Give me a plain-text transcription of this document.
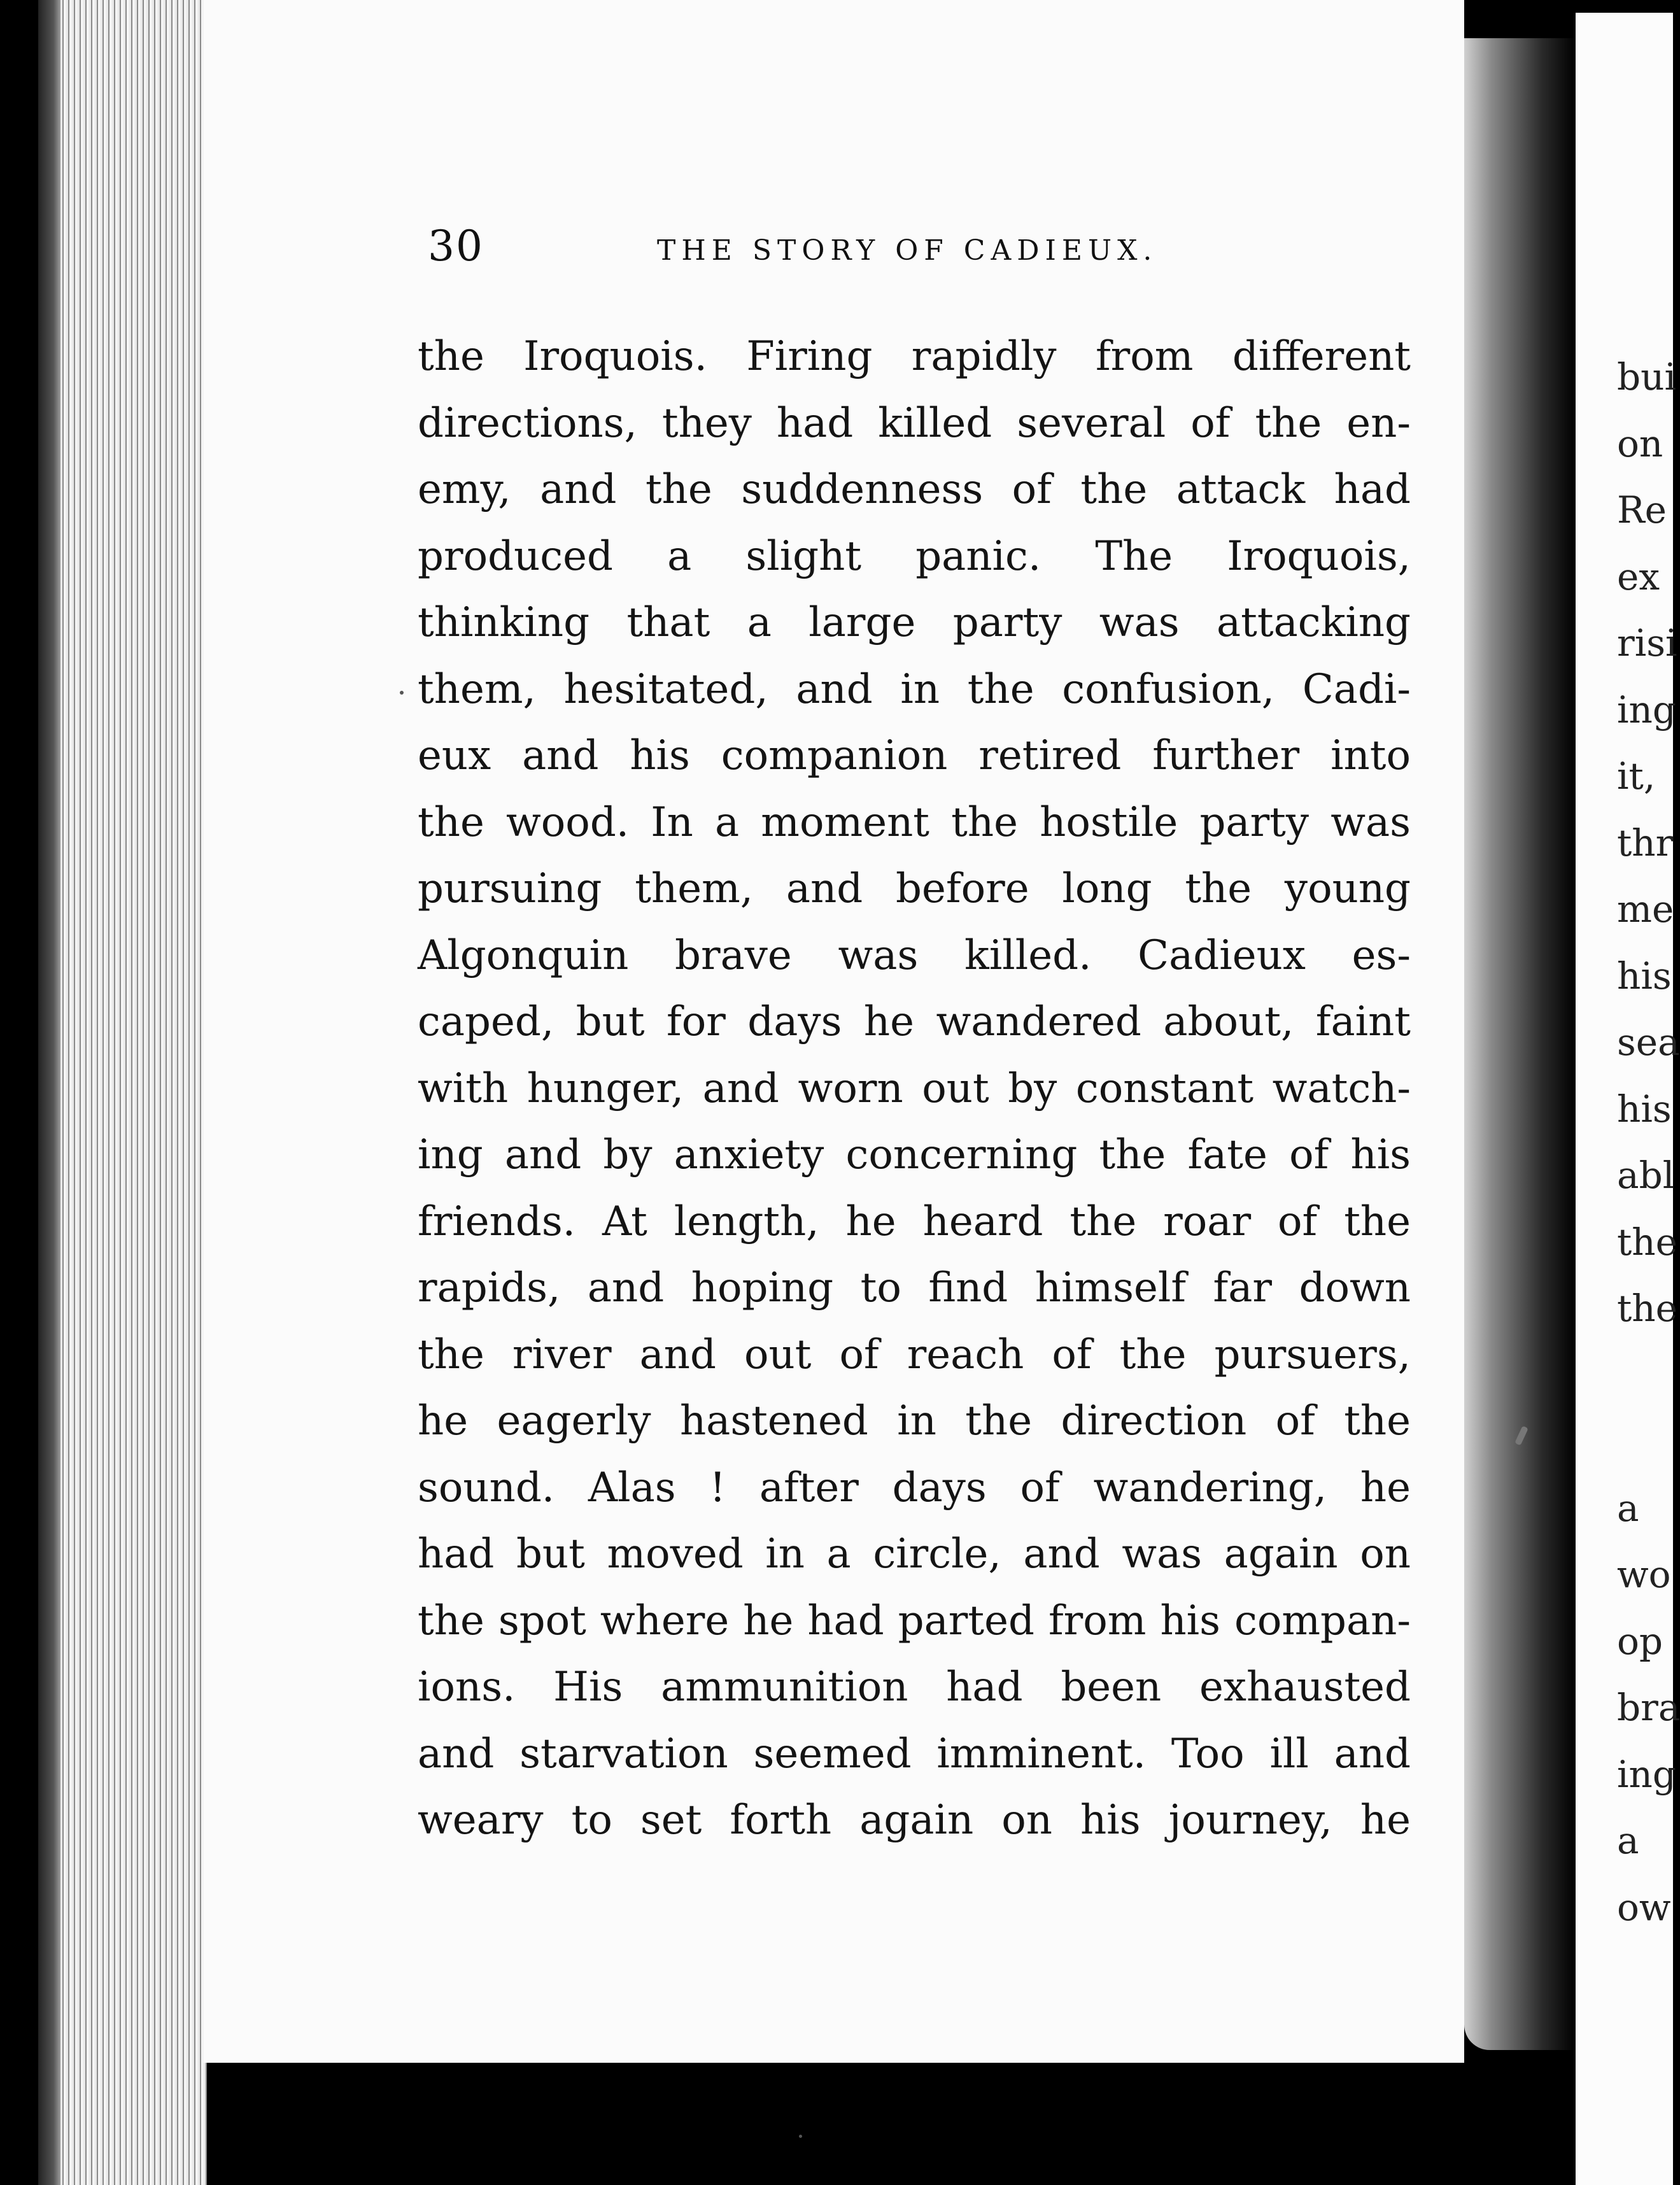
30	THE STORY OF CADIEUX.
the Iroquois. Firing rapidly from different
directions, they had killed several of the en-
emy, and the suddenness of the attack had
produced a slight panic. The Iroquois,
thinking that a large party was attacking
them, hesitated, and in the confusion, Cadi-
eux and his companion retired further into
the wood. In a moment the hostile party was
pursuing them, and before long the young
Algonquin brave was killed. Cadieux es-
caped, but for days he wandered about, faint
with hunger, and worn out by constant watch-
ing and by anxiety concerning the fate of his
friends. At length, he heard the roar of the
rapids, and hoping to find himself far down
the river and out of reach of the pursuers,
he eagerly hastened in the direction of the
sound. Alas ! after days of wandering, he
had but moved in a circle, and was again on
the spot where he had parted from his compan-
ions. His ammunition had been exhausted
and starvation seemed imminent. Too ill and
weary to set forth again on his journey, he
bui
on
Re
ex
risi
ing
it,
thr
me
his
sea
his
abl
the
the
a
wo
op
bra
ing
a
ow
